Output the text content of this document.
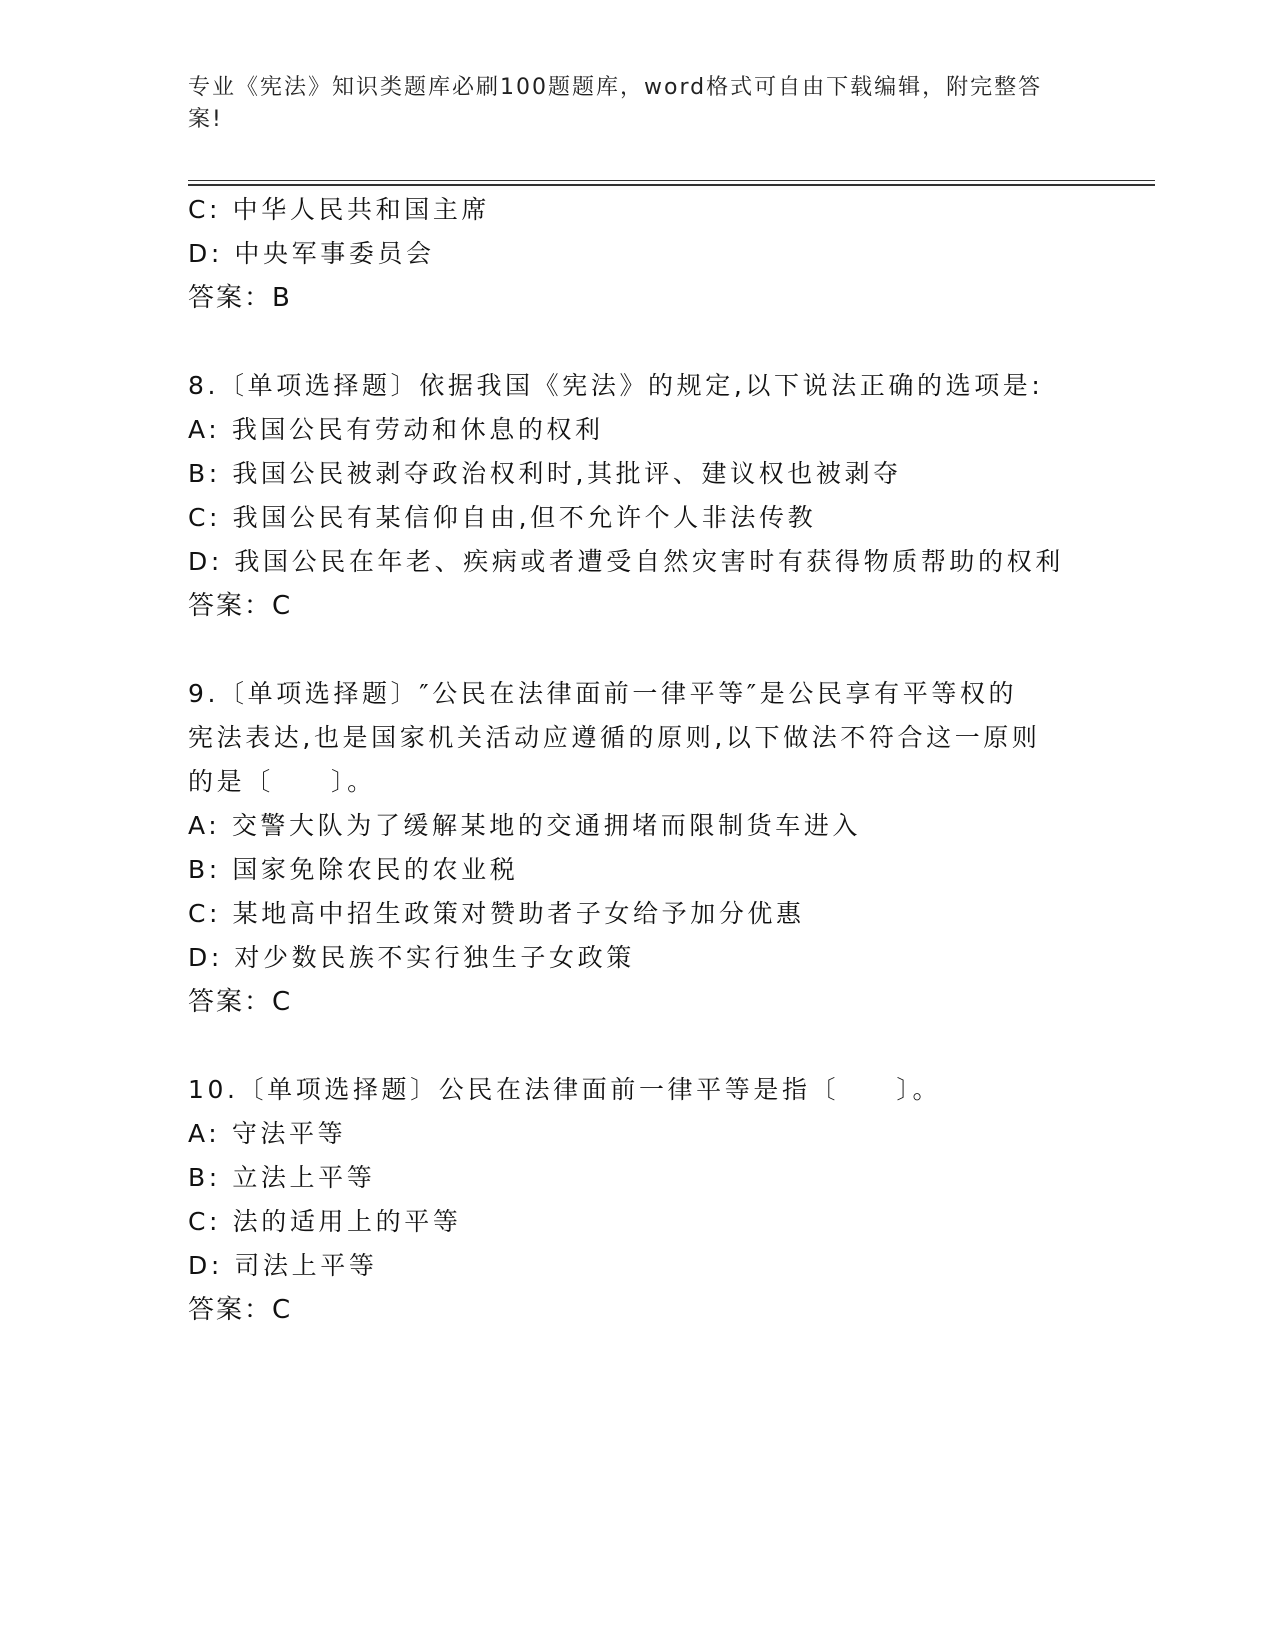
专业《宪法》知识类题库必刷100题题库，word格式可自由下载编辑，附完整答案!
C: 中华人民共和国主席
D: 中央军事委员会
答案：B
8.〔单项选择题〕依据我国《宪法》的规定,以下说法正确的选项是:
A: 我国公民有劳动和休息的权利
B: 我国公民被剥夺政治权利时,其批评、建议权也被剥夺
C: 我国公民有某信仰自由,但不允许个人非法传教
D: 我国公民在年老、疾病或者遭受自然灾害时有获得物质帮助的权利
答案：C
9.〔单项选择题〕″公民在法律面前一律平等″是公民享有平等权的
宪法表达,也是国家机关活动应遵循的原则,以下做法不符合这一原则
的是〔　　〕。
A: 交警大队为了缓解某地的交通拥堵而限制货车进入
B: 国家免除农民的农业税
C: 某地高中招生政策对赞助者子女给予加分优惠
D: 对少数民族不实行独生子女政策
答案：C
10.〔单项选择题〕公民在法律面前一律平等是指〔　　〕。
A: 守法平等
B: 立法上平等
C: 法的适用上的平等
D: 司法上平等
答案：C
